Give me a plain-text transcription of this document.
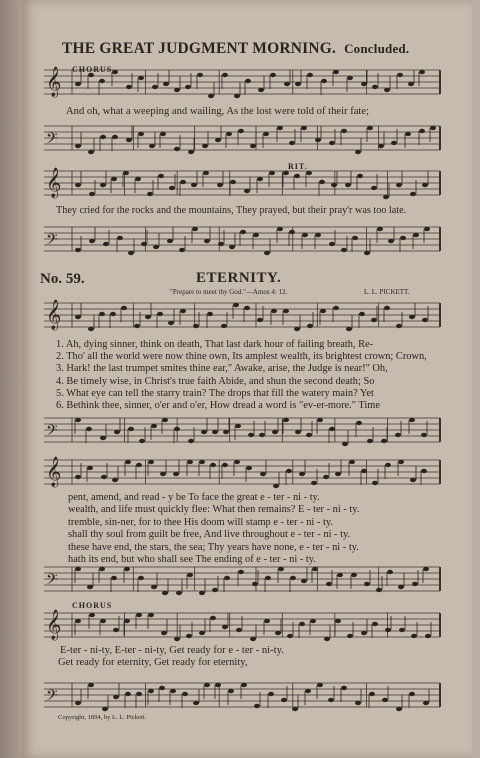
𝄞
𝄢
𝄞
𝄢
𝄞
𝄢
𝄞
𝄢
𝄞
𝄢
THE GREAT JUDGMENT MORNING. Concluded.
CHORUS.
And oh, what a weeping and wailing, As the lost were told of their fate;
RIT.
They cried for the rocks and the mountains, They prayed, but their pray'r was too late.
No. 59.	ETERNITY.
"Prepare to meet thy God."—Amos 4: 12.	L. L. PICKETT.
1. Ah, dying sinner, think on death, That last dark hour of failing breath, Re-
2. Tho' all the world were now thine own, Its amplest wealth, its brightest crown; Crown,
3. Hark! the last trumpet smites thine ear," Awake, arise, the Judge is near!" Oh,
4. Be timely wise, in Christ's true faith Abide, and shun the second death; So
5. What eye can tell the starry train? The drops that fill the watery main? Yet
6. Bethink thee, sinner, o'er and o'er, How dread a word is "ev-er-more." Time
pent, amend, and read - y be To face the great e - ter - ni - ty.
wealth, and life must quickly flee: What then remains? E - ter - ni - ty.
tremble, sin-ner, for to thee His doom will stamp e - ter - ni - ty.
shall thy soul from guilt be free, And live throughout e - ter - ni - ty.
these have end, the stars, the sea; Thy years have none, e - ter - ni - ty.
hath its end, but who shall see The ending of e - ter - ni - ty.
CHORUS
E-ter - ni-ty, E-ter - ni-ty, Get ready for e - ter - ni-ty.
Get ready for eternity, Get ready for eternity,
Copyright, 1894, by L. L. Pickett.
